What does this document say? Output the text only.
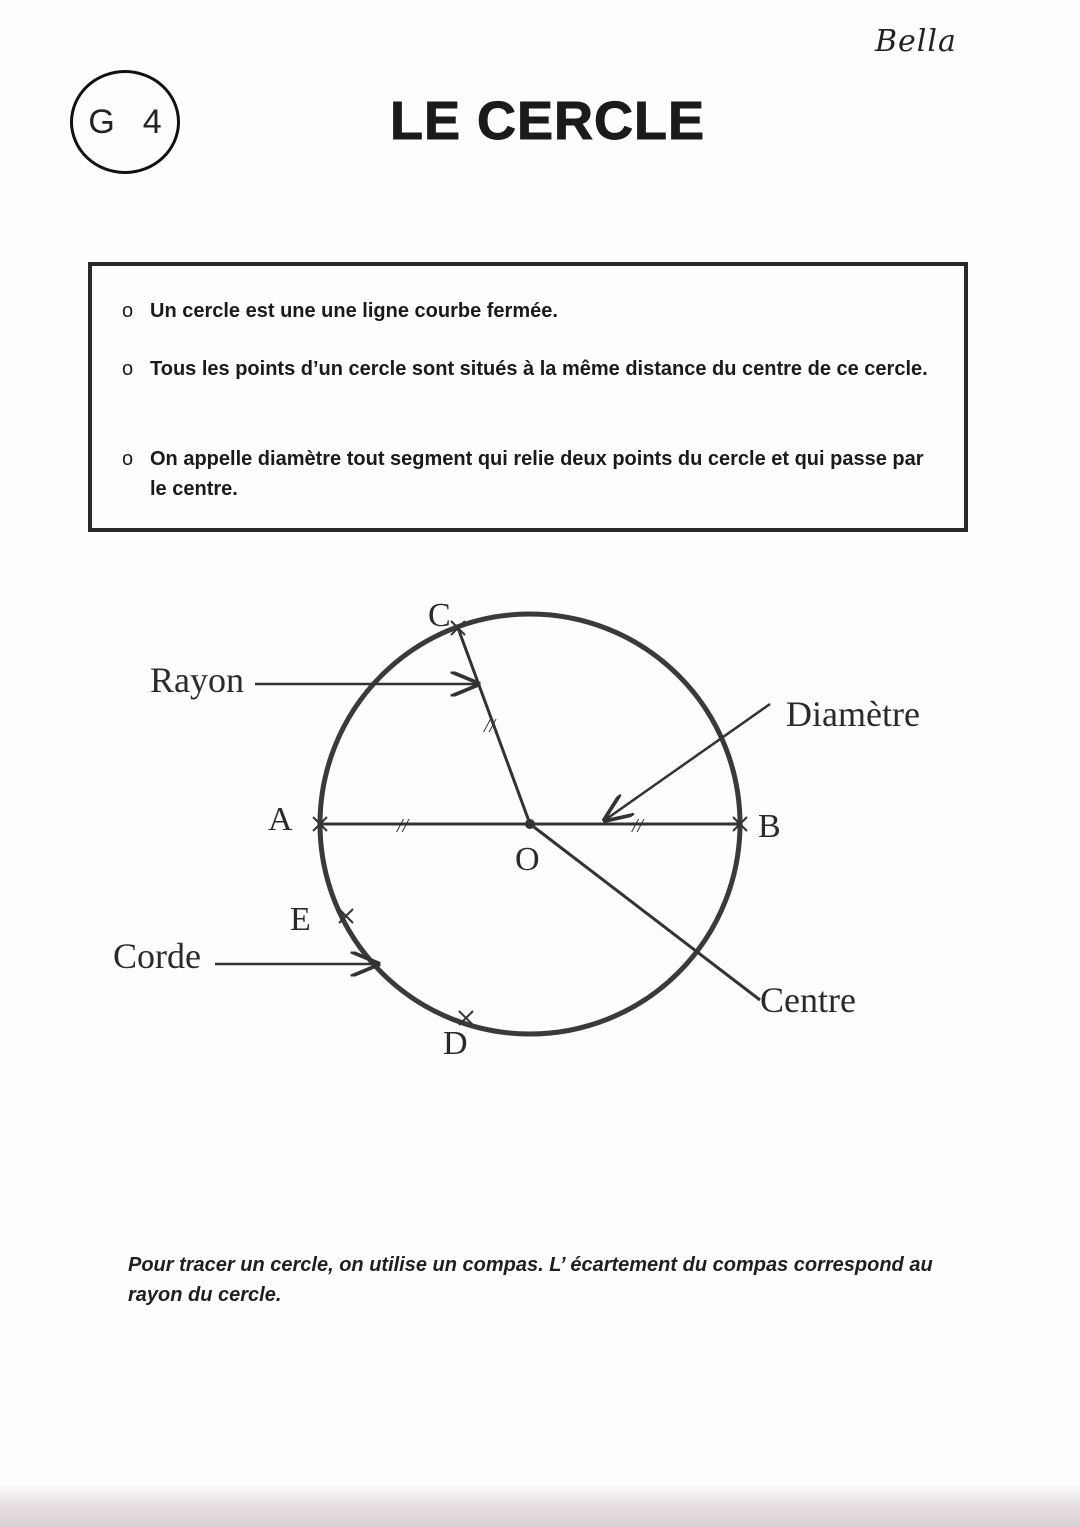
Bella
G 4	LE CERCLE
o Un cercle est une une ligne courbe fermée.
o Tous les points d’un cercle sont situés à la même distance du centre de ce cercle.
o On appelle diamètre tout segment qui relie deux points du cercle et qui passe par le centre.
//	//
//
A	B
C
D
E
O
Rayon
Diamètre
Corde
Centre
Pour tracer un cercle, on utilise un compas. L’ écartement du compas correspond au rayon du cercle.
